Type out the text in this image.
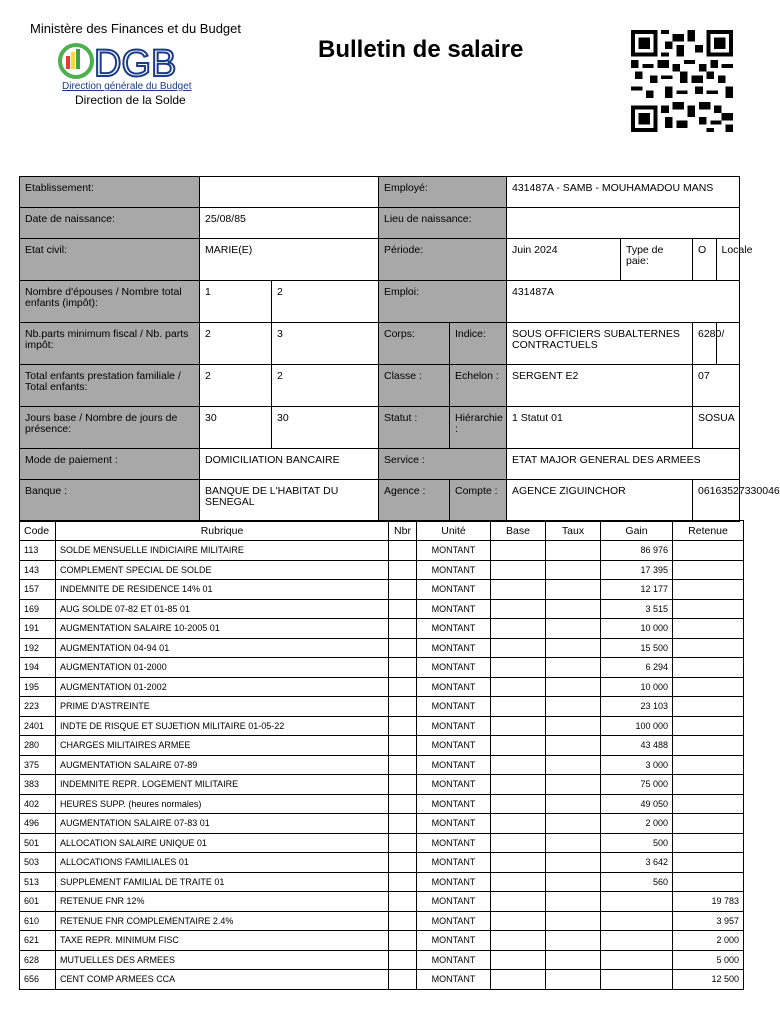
Ministère des Finances et du Budget
DGB
Direction générale du Budget
Direction de la Solde
Bulletin de salaire
Etablissement:			Employé:		431487A - SAMB - MOUHAMADOU MANS			
Date de naissance:	25/08/85		Lieu de naissance:					
Etat civil:	MARIE(E)		Période:		Juin 2024	Type de paie:	O	Locale
Nombre d'épouses / Nombre total enfants (impôt):	1	2	Emploi:		431487A			
Nb.parts minimum fiscal / Nb. parts impôt:	2	3	Corps:	Indice:	SOUS OFFICIERS SUBALTERNES CONTRACTUELS		6280	/
Total enfants prestation familiale / Total enfants:	2	2	Classe :	Echelon :	SERGENT E2		07	
Jours base / Nombre de jours de présence:	30	30	Statut :	Hiérarchie :	1 Statut 01		SOSUA	
Mode de paiement :	DOMICILIATION BANCAIRE		Service :		ETAT MAJOR GENERAL DES ARMEES			
Banque :	BANQUE DE L'HABITAT DU SENEGAL		Agence :	Compte :	AGENCE ZIGUINCHOR		06163527330046	
Code	Rubrique	Nbr	Unité	Base	Taux	Gain	Retenue
113	SOLDE MENSUELLE INDICIAIRE MILITAIRE		MONTANT			86 976	
143	COMPLEMENT SPECIAL DE SOLDE		MONTANT			17 395	
157	INDEMNITE DE RESIDENCE 14% 01		MONTANT			12 177	
169	AUG SOLDE 07-82 ET 01-85 01		MONTANT			3 515	
191	AUGMENTATION SALAIRE 10-2005 01		MONTANT			10 000	
192	AUGMENTATION 04-94 01		MONTANT			15 500	
194	AUGMENTATION 01-2000		MONTANT			6 294	
195	AUGMENTATION 01-2002		MONTANT			10 000	
223	PRIME D'ASTREINTE		MONTANT			23 103	
2401	INDTE DE RISQUE ET SUJETION MILITAIRE 01-05-22		MONTANT			100 000	
280	CHARGES MILITAIRES ARMEE		MONTANT			43 488	
375	AUGMENTATION SALAIRE 07-89		MONTANT			3 000	
383	INDEMNITE REPR. LOGEMENT MILITAIRE		MONTANT			75 000	
402	HEURES SUPP. (heures normales)		MONTANT			49 050	
496	AUGMENTATION SALAIRE 07-83 01		MONTANT			2 000	
501	ALLOCATION SALAIRE UNIQUE 01		MONTANT			500	
503	ALLOCATIONS FAMILIALES 01		MONTANT			3 642	
513	SUPPLEMENT FAMILIAL DE TRAITE 01		MONTANT			560	
601	RETENUE FNR 12%		MONTANT				19 783
610	RETENUE FNR COMPLEMENTAIRE 2.4%		MONTANT				3 957
621	TAXE REPR. MINIMUM FISC		MONTANT				2 000
628	MUTUELLES DES ARMEES		MONTANT				5 000
656	CENT COMP ARMEES CCA		MONTANT				12 500
